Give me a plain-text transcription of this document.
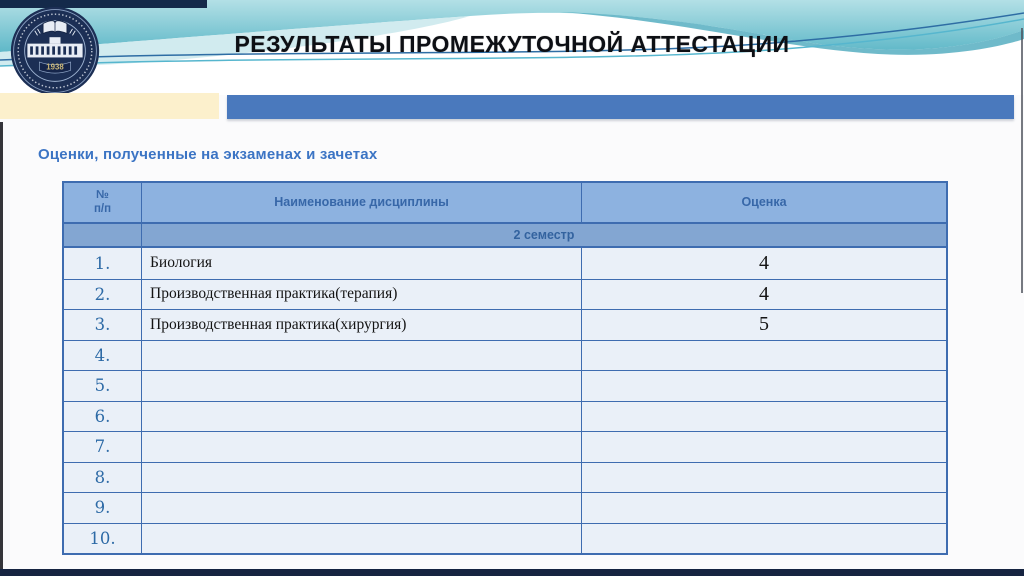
1938
РЕЗУЛЬТАТЫ ПРОМЕЖУТОЧНОЙ АТТЕСТАЦИИ
Оценки, полученные на экзаменах и зачетах
№
п/п	Наименование дисциплины	Оценка
2 семестр
1.	Биология	4
2.	Производственная практика(терапия)	4
3.	Производственная практика(хирургия)	5
4.
5.
6.
7.
8.
9.
10.
